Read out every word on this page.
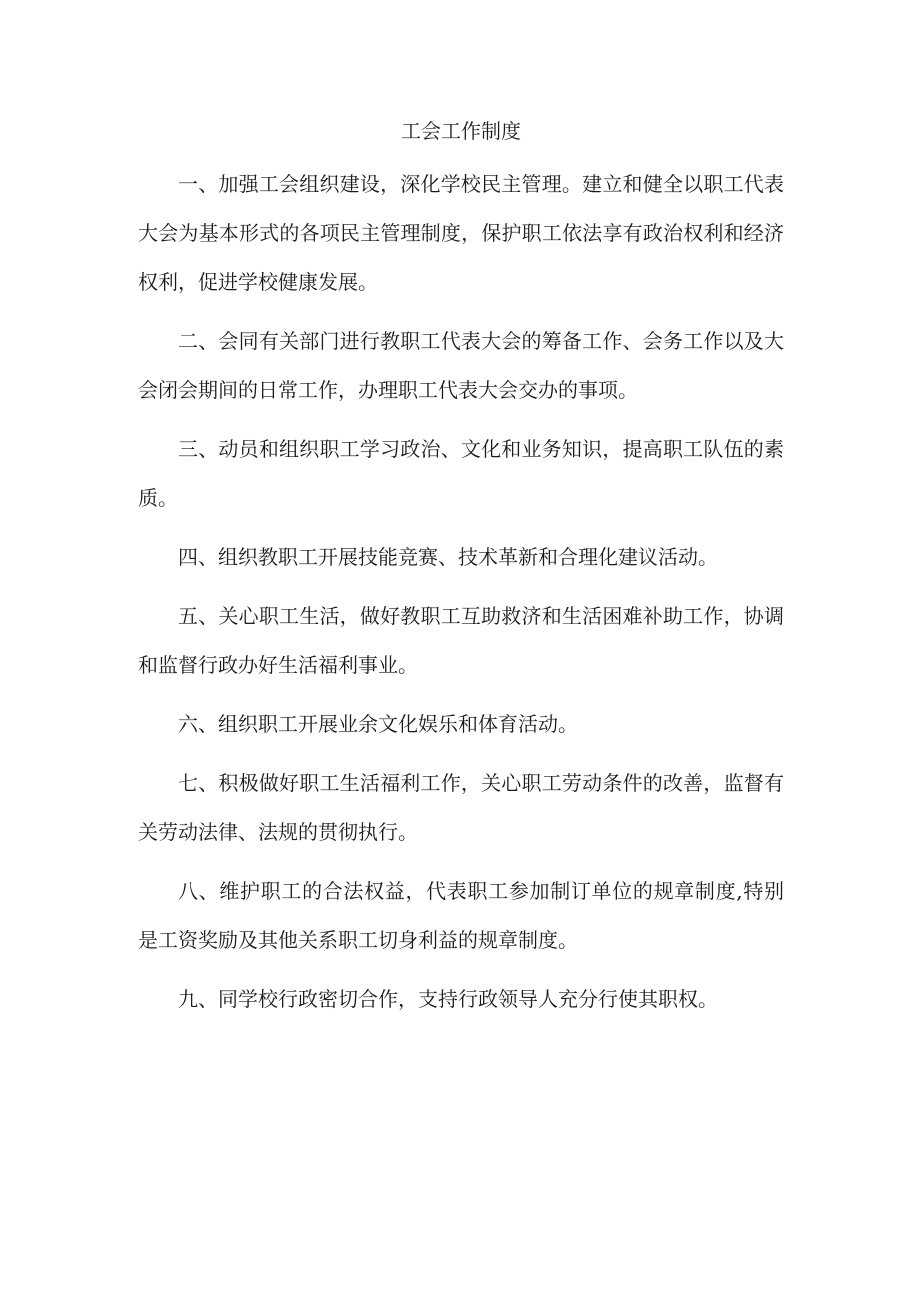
工会工作制度

一、加强工会组织建设，深化学校民主管理。建立和健全以职工代表大会为基本形式的各项民主管理制度，保护职工依法享有政治权利和经济权利，促进学校健康发展。

二、会同有关部门进行教职工代表大会的筹备工作、会务工作以及大会闭会期间的日常工作，办理职工代表大会交办的事项。

三、动员和组织职工学习政治、文化和业务知识，提高职工队伍的素质。

四、组织教职工开展技能竞赛、技术革新和合理化建议活动。

五、关心职工生活，做好教职工互助救济和生活困难补助工作，协调和监督行政办好生活福利事业。

六、组织职工开展业余文化娱乐和体育活动。

七、积极做好职工生活福利工作，关心职工劳动条件的改善，监督有关劳动法律、法规的贯彻执行。

八、维护职工的合法权益，代表职工参加制订单位的规章制度,特别是工资奖励及其他关系职工切身利益的规章制度。

九、同学校行政密切合作，支持行政领导人充分行使其职权。
